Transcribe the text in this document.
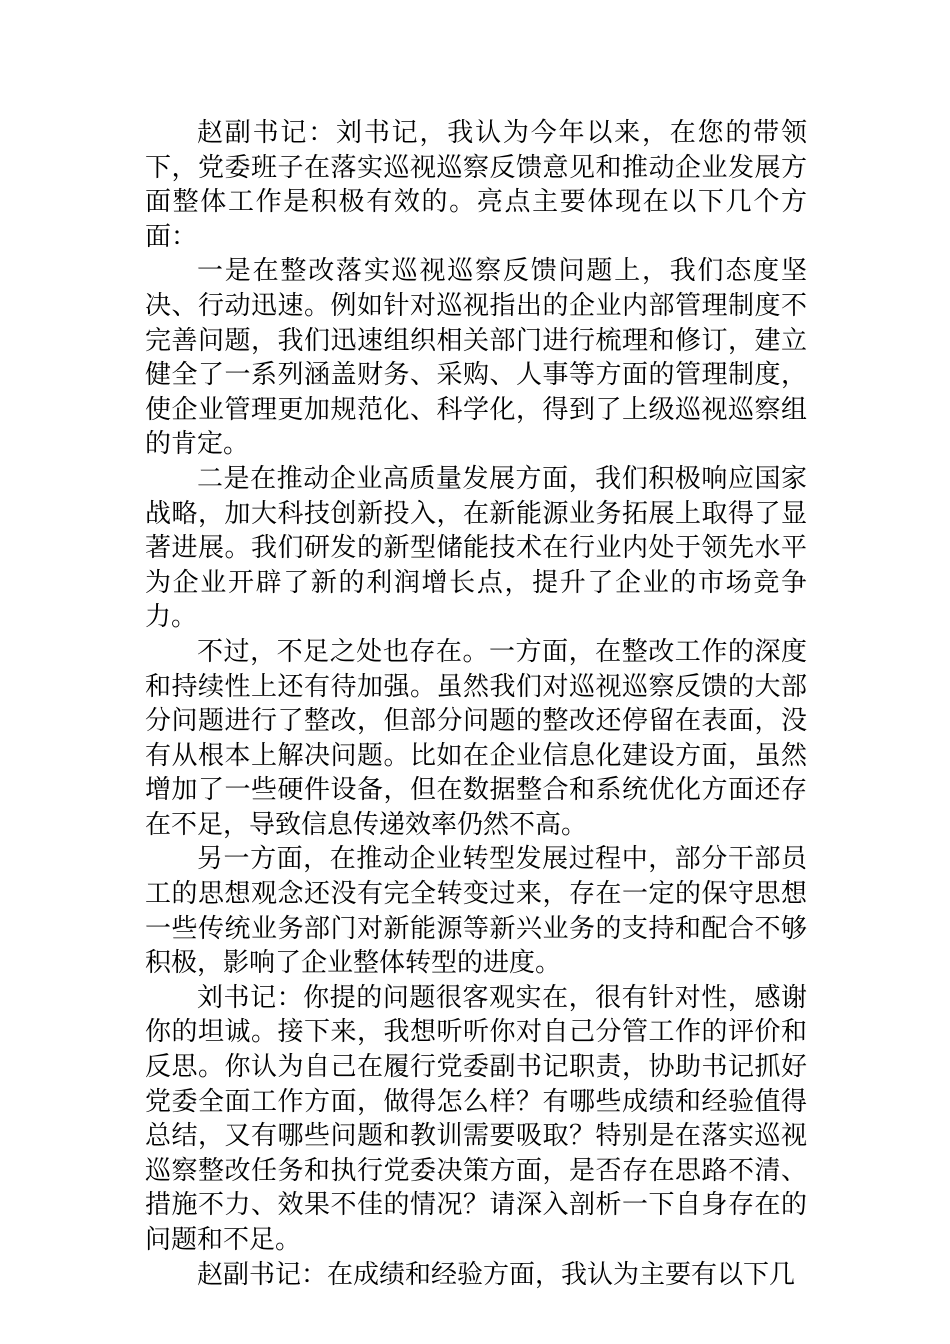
赵副书记：刘书记，我认为今年以来，在您的带领下，党委班子在落实巡视巡察反馈意见和推动企业发展方面整体工作是积极有效的。亮点主要体现在以下几个方面：

一是在整改落实巡视巡察反馈问题上，我们态度坚决、行动迅速。例如针对巡视指出的企业内部管理制度不完善问题，我们迅速组织相关部门进行梳理和修订，建立健全了一系列涵盖财务、采购、人事等方面的管理制度，使企业管理更加规范化、科学化，得到了上级巡视巡察组的肯定。

二是在推动企业高质量发展方面，我们积极响应国家战略，加大科技创新投入，在新能源业务拓展上取得了显著进展。我们研发的新型储能技术在行业内处于领先水平为企业开辟了新的利润增长点，提升了企业的市场竞争力。

不过，不足之处也存在。一方面，在整改工作的深度和持续性上还有待加强。虽然我们对巡视巡察反馈的大部分问题进行了整改，但部分问题的整改还停留在表面，没有从根本上解决问题。比如在企业信息化建设方面，虽然增加了一些硬件设备，但在数据整合和系统优化方面还存在不足，导致信息传递效率仍然不高。

另一方面，在推动企业转型发展过程中，部分干部员工的思想观念还没有完全转变过来，存在一定的保守思想一些传统业务部门对新能源等新兴业务的支持和配合不够积极，影响了企业整体转型的进度。

刘书记：你提的问题很客观实在，很有针对性，感谢你的坦诚。接下来，我想听听你对自己分管工作的评价和反思。你认为自己在履行党委副书记职责，协助书记抓好党委全面工作方面，做得怎么样？有哪些成绩和经验值得总结，又有哪些问题和教训需要吸取？特别是在落实巡视巡察整改任务和执行党委决策方面，是否存在思路不清、措施不力、效果不佳的情况？请深入剖析一下自身存在的问题和不足。

赵副书记：在成绩和经验方面，我认为主要有以下几
